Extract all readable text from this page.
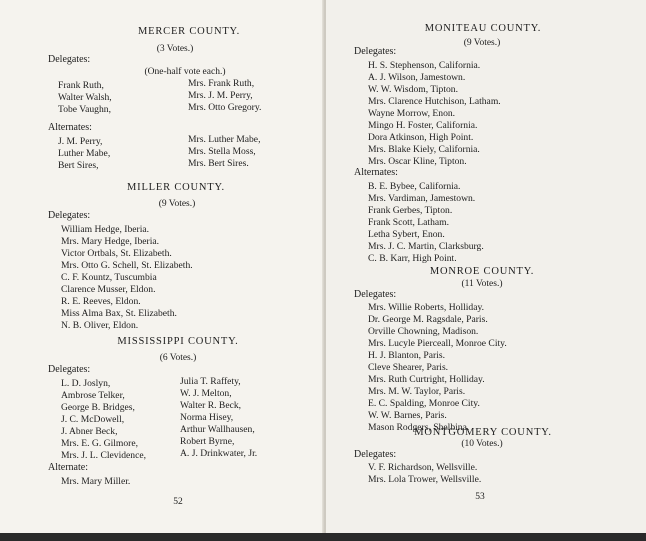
MERCER COUNTY.
(3 Votes.)
Delegates:
(One-half vote each.)
Frank Ruth,
Walter Walsh,
Tobe Vaughn,
Mrs. Frank Ruth,
Mrs. J. M. Perry,
Mrs. Otto Gregory.
Alternates:
J. M. Perry,
Luther Mabe,
Bert Sires,
Mrs. Luther Mabe,
Mrs. Stella Moss,
Mrs. Bert Sires.
MILLER COUNTY.
(9 Votes.)
Delegates:
William Hedge, Iberia.
Mrs. Mary Hedge, Iberia.
Victor Ortbals, St. Elizabeth.
Mrs. Otto G. Schell, St. Elizabeth.
C. F. Kountz, Tuscumbia
Clarence Musser, Eldon.
R. E. Reeves, Eldon.
Miss Alma Bax, St. Elizabeth.
N. B. Oliver, Eldon.
MISSISSIPPI COUNTY.
(6 Votes.)
Delegates:
L. D. Joslyn,
Ambrose Telker,
George B. Bridges,
J. C. McDowell,
J. Abner Beck,
Mrs. E. G. Gilmore,
Mrs. J. L. Clevidence,
Julia T. Raffety,
W. J. Melton,
Walter R. Beck,
Norma Hisey,
Arthur Wallhausen,
Robert Byrne,
A. J. Drinkwater, Jr.
Alternate:
Mrs. Mary Miller.
52
MONITEAU COUNTY.
(9 Votes.)
Delegates:
H. S. Stephenson, California.
A. J. Wilson, Jamestown.
W. W. Wisdom, Tipton.
Mrs. Clarence Hutchison, Latham.
Wayne Morrow, Enon.
Mingo H. Foster, California.
Dora Atkinson, High Point.
Mrs. Blake Kiely, California.
Mrs. Oscar Kline, Tipton.
Alternates:
B. E. Bybee, California.
Mrs. Vardiman, Jamestown.
Frank Gerbes, Tipton.
Frank Scott, Latham.
Letha Sybert, Enon.
Mrs. J. C. Martin, Clarksburg.
C. B. Karr, High Point.
MONROE COUNTY.
(11 Votes.)
Delegates:
Mrs. Willie Roberts, Holliday.
Dr. George M. Ragsdale, Paris.
Orville Chowning, Madison.
Mrs. Lucyle Pierceall, Monroe City.
H. J. Blanton, Paris.
Cleve Shearer, Paris.
Mrs. Ruth Curtright, Holliday.
Mrs. M. W. Taylor, Paris.
E. C. Spalding, Monroe City.
W. W. Barnes, Paris.
Mason Rodgers, Shelbina.
MONTGOMERY COUNTY.
(10 Votes.)
Delegates:
V. F. Richardson, Wellsville.
Mrs. Lola Trower, Wellsville.
53
